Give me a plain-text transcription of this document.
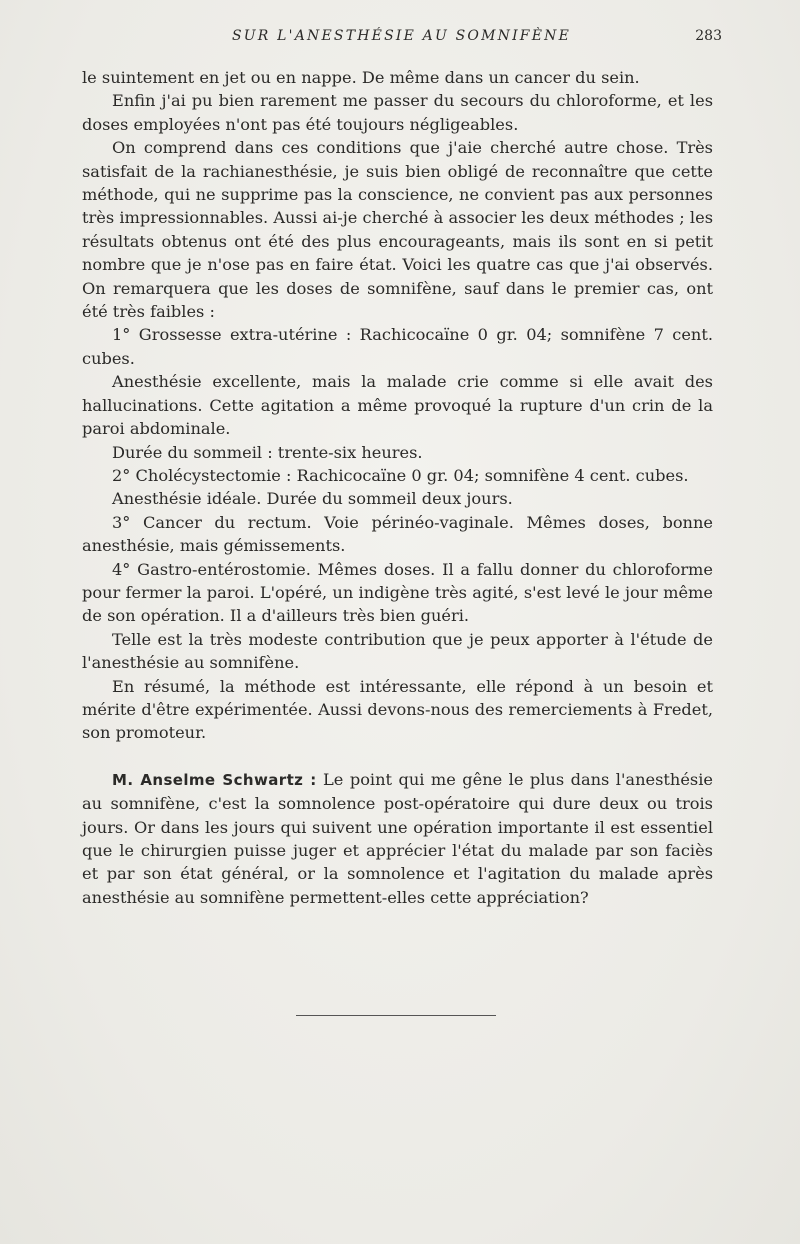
SUR L'ANESTHÉSIE AU SOMNIFÈNE	283

le suintement en jet ou en nappe. De même dans un cancer du sein.

Enfin j'ai pu bien rarement me passer du secours du chloroforme, et les doses employées n'ont pas été toujours négligeables.

On comprend dans ces conditions que j'aie cherché autre chose. Très satisfait de la rachianesthésie, je suis bien obligé de reconnaître que cette méthode, qui ne supprime pas la conscience, ne convient pas aux personnes très impressionnables. Aussi ai-je cherché à associer les deux méthodes ; les résultats obtenus ont été des plus encourageants, mais ils sont en si petit nombre que je n'ose pas en faire état. Voici les quatre cas que j'ai observés. On remarquera que les doses de somnifène, sauf dans le premier cas, ont été très faibles :

1° Grossesse extra-utérine : Rachicocaïne 0 gr. 04; somnifène 7 cent. cubes.

Anesthésie excellente, mais la malade crie comme si elle avait des hallucinations. Cette agitation a même provoqué la rupture d'un crin de la paroi abdominale.

Durée du sommeil : trente-six heures.

2° Cholécystectomie : Rachicocaïne 0 gr. 04; somnifène 4 cent. cubes.

Anesthésie idéale. Durée du sommeil deux jours.

3° Cancer du rectum. Voie périnéo-vaginale. Mêmes doses, bonne anesthésie, mais gémissements.

4° Gastro-entérostomie. Mêmes doses. Il a fallu donner du chloroforme pour fermer la paroi. L'opéré, un indigène très agité, s'est levé le jour même de son opération. Il a d'ailleurs très bien guéri.

Telle est la très modeste contribution que je peux apporter à l'étude de l'anesthésie au somnifène.

En résumé, la méthode est intéressante, elle répond à un besoin et mérite d'être expérimentée. Aussi devons-nous des remerciements à Fredet, son promoteur.

M. Anselme Schwartz : Le point qui me gêne le plus dans l'anesthésie au somnifène, c'est la somnolence post-opératoire qui dure deux ou trois jours. Or dans les jours qui suivent une opération importante il est essentiel que le chirurgien puisse juger et apprécier l'état du malade par son faciès et par son état général, or la somnolence et l'agitation du malade après anesthésie au somnifène permettent-elles cette appréciation?
